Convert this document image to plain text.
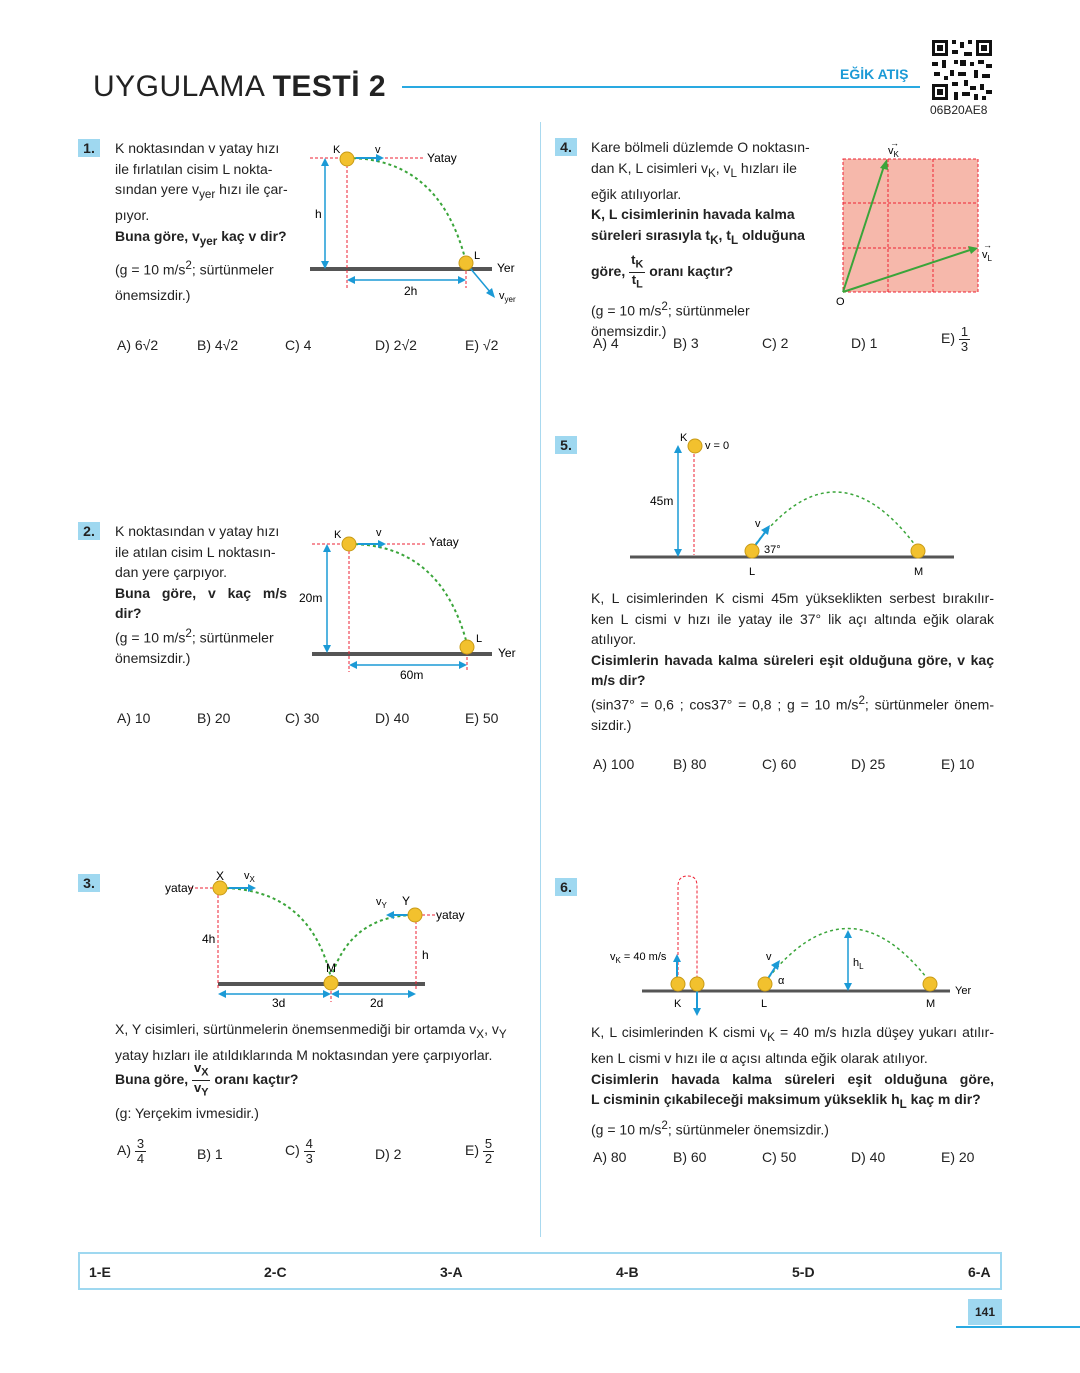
UYGULAMA TESTİ 2	EĞİK ATIŞ
06B20AE8
1.	K noktasından v yatay hızı

ile fırlatılan cisim L nokta-

sından yere $v_{yer}$ hızı ile çar-

pıyor.

Buna göre, $v_{yer}$ kaç v dir?

(g = 10 $m/s^2$; sürtünmeler

önemsizdir.)

K	v
Yatay
h
L
Yer
2h	$v_{yer}$
A) 6√2	B) 4√2	C) 4	D) 2√2	E) √2
2.	K noktasından v yatay hızı

ile atılan cisim L noktasın-

dan yere çarpıyor.

Buna göre, v kaç m/s

dir?

(g = 10 $m/s^2$; sürtünmeler

önemsizdir.)

K	v
Yatay
20m
L
Yer
60m
A) 10	B) 20	C) 30	D) 40	E) 50
3.	X $v_X$
yatay
4h
M
$v_Y$ Y
yatay
h
3d	2d

X, Y cisimleri, sürtünmelerin önemsenmediği bir ortamda $v_X$, $v_Y$

yatay hızları ile atıldıklarında M noktasından yere çarpıyorlar.

Buna göre, $\frac{v_X}{v_Y}$ oranı kaçtır?
(g: Yerçekim ivmesidir.)
$A) \frac{3}{4}$	B) 1	$C) \frac{4}{3}$	D) 2	$E) \frac{5}{2}$
4.	Kare bölmeli düzlemde O noktasın-

dan K, L cisimleri $v_K$, $v_L$ hızları ile

eğik atılıyorlar.

K, L cisimlerinin havada kalma

süreleri sırasıyla $t_K$, $t_L$ olduğuna

göre, $\frac{t_K}{t_L}$ oranı kaçtır?

(g = 10 $m/s^2$; sürtünmeler önemsizdir.)

O
$v_K$
$v_L$
→
→
A) 4	B) 3	C) 2	D) 1	$E) \frac{1}{3}$
5.	K
v = 0
45m
v
37°
L	M

K, L cisimlerinden K cismi 45m yükseklikten serbest bırakılır-

ken L cismi v hızı ile yatay ile 37° lik açı altında eğik olarak

atılıyor.

Cisimlerin havada kalma süreleri eşit olduğuna göre, v kaç

m/s dir?

(sin37° = 0,6 ; cos37° = 0,8 ; g = 10 $m/s^2$; sürtünmeler önem-

sizdir.)

A) 100	B) 80	C) 60	D) 25	E) 10
6.
$v_K = 40$ m/s	v
α
$h_L$
K	L	M
Yer

K, L cisimlerinden K cismi $v_K = 40$ m/s hızla düşey yukarı atılır-

ken L cismi v hızı ile α açısı altında eğik olarak atılıyor.

Cisimlerin havada kalma süreleri eşit olduğuna göre,

L cisminin çıkabileceği maksimum yükseklik $h_L$ kaç m dir?

(g = 10 $m/s^2$; sürtünmeler önemsizdir.)

A) 80	B) 60	C) 50	D) 40	E) 20
1-E	2-C	3-A	4-B	5-D	6-A
141
